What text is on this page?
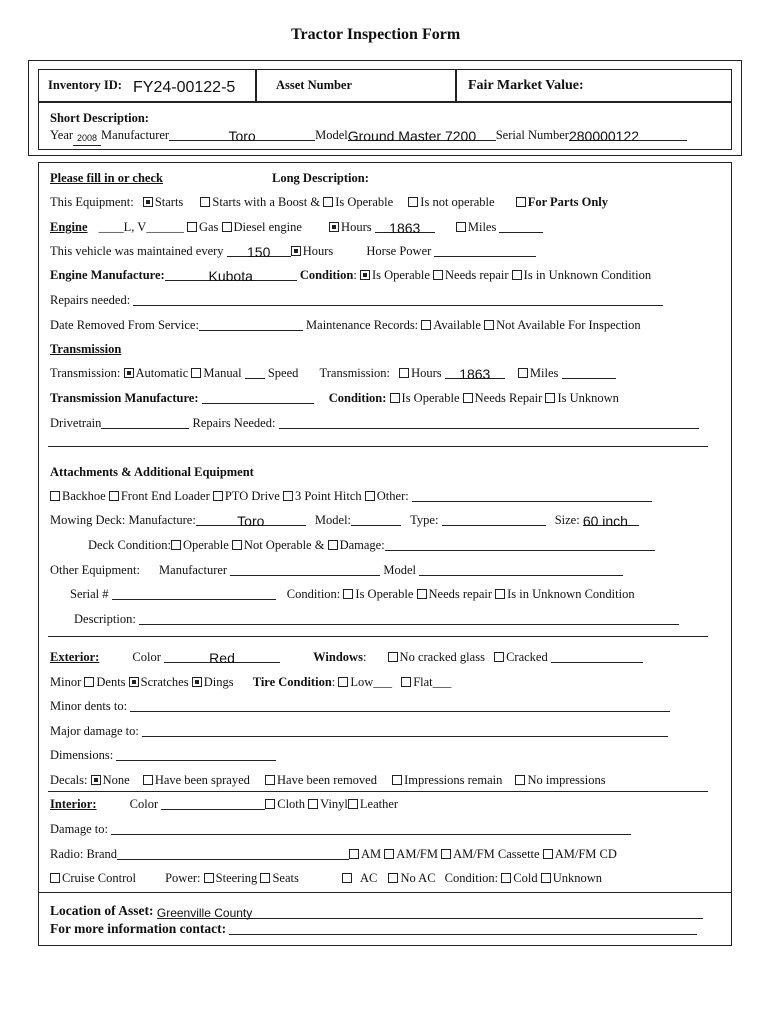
Tractor Inspection Form
Inventory ID: FY24-00122-5	Asset Number	Fair Market Value:
Short Description:
Year 2008 Manufacturer	Toro	ModelGround Master 7200 Serial Number280000122
Please fill in or check	Long Description:
This Equipment: Starts Starts with a Boost & Is Operable Is not operable	For Parts Only
Engine ____L, V______ Gas Diesel engine	Hours 1863	Miles
This vehicle was maintained every 150	Hours	Horse Power
Engine Manufacture:	Kubota	Condition: Is Operable Needs repair Is in Unknown Condition
Repairs needed:
Date Removed From Service:	Maintenance Records: Available Not Available For Inspection
Transmission
Transmission: Automatic Manual Speed Transmission: Hours 1863	Miles
Transmission Manufacture:	Condition: Is Operable Needs Repair Is Unknown
Drivetrain	Repairs Needed:
Attachments & Additional Equipment
Backhoe Front End Loader PTO Drive 3 Point Hitch Other:
Mowing Deck: Manufacture:	Toro	Model:	Type:	Size: 60 inch
Deck Condition: Operable Not Operable & Damage:
Other Equipment: Manufacturer	Model
Serial #	Condition: Is Operable Needs repair Is in Unknown Condition
Description:
Exterior:	Color	Red	Windows: No cracked glass Cracked
Minor Dents Scratches Dings Tire Condition: Low___ Flat___
Minor dents to:
Major damage to:
Dimensions:
Decals: None Have been sprayed Have been removed Impressions remain No impressions
Interior:	Color	Cloth Vinyl Leather
Damage to:
Radio: Brand	AM AM/FM AM/FM Cassette AM/FM CD
Cruise Control Power: Steering Seats	AC No AC Condition: Cold Unknown
Location of Asset: Greenville County
For more information contact:
